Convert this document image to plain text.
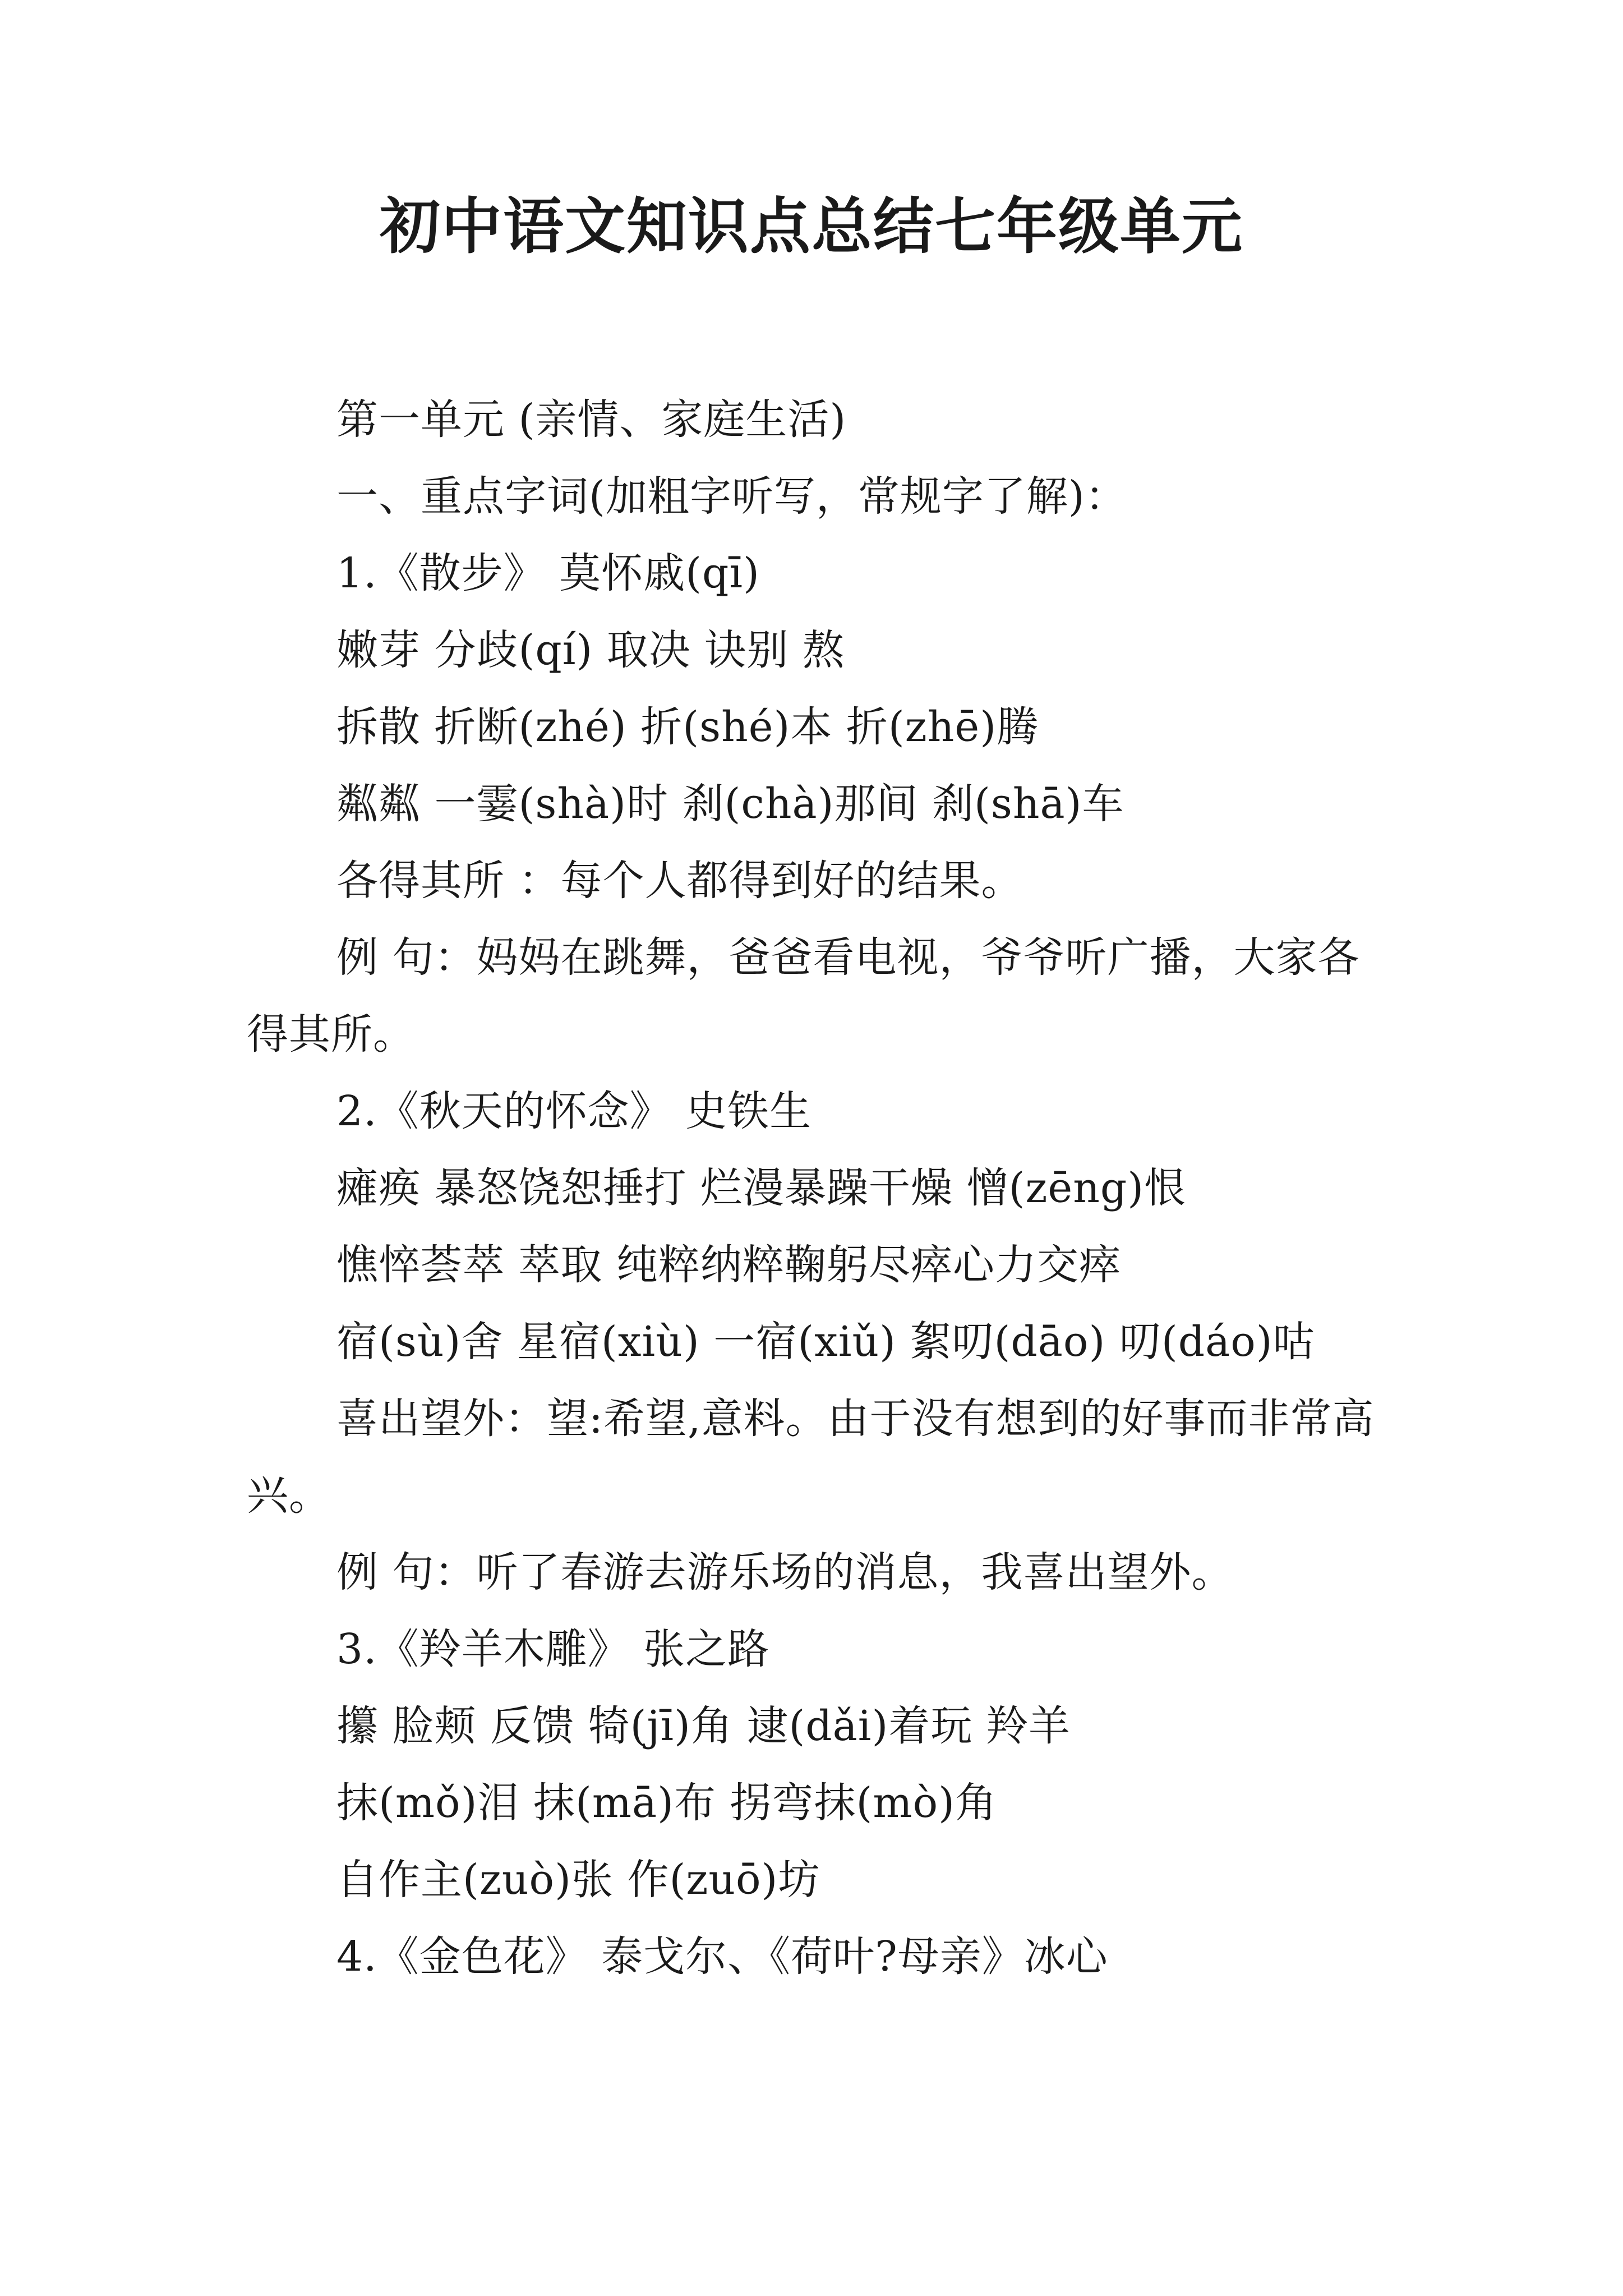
初中语文知识点总结七年级单元
第一单元 (亲情、家庭生活)
一、重点字词(加粗字听写，常规字了解)：
1.《散步》 莫怀戚(qī)
嫩芽 分歧(qí) 取决 诀别 熬
拆散 折断(zhé) 折(shé)本 折(zhē)腾
粼粼 一霎(shà)时 刹(chà)那间 刹(shā)车
各得其所 ：每个人都得到好的结果。
例 句：妈妈在跳舞，爸爸看电视，爷爷听广播，大家各得其所。
2.《秋天的怀念》 史铁生
瘫痪 暴怒饶恕捶打 烂漫暴躁干燥 憎(zēng)恨
憔悴荟萃 萃取 纯粹纳粹鞠躬尽瘁心力交瘁
宿(sù)舍 星宿(xiù) 一宿(xiǔ) 絮叨(dāo) 叨(dáo)咕
喜出望外：望:希望,意料。由于没有想到的好事而非常高兴。
例 句：听了春游去游乐场的消息，我喜出望外。
3.《羚羊木雕》 张之路
攥 脸颊 反馈 犄(jī)角 逮(dǎi)着玩 羚羊
抹(mǒ)泪 抹(mā)布 拐弯抹(mò)角
自作主(zuò)张 作(zuō)坊
4.《金色花》 泰戈尔、《荷叶?母亲》冰心
